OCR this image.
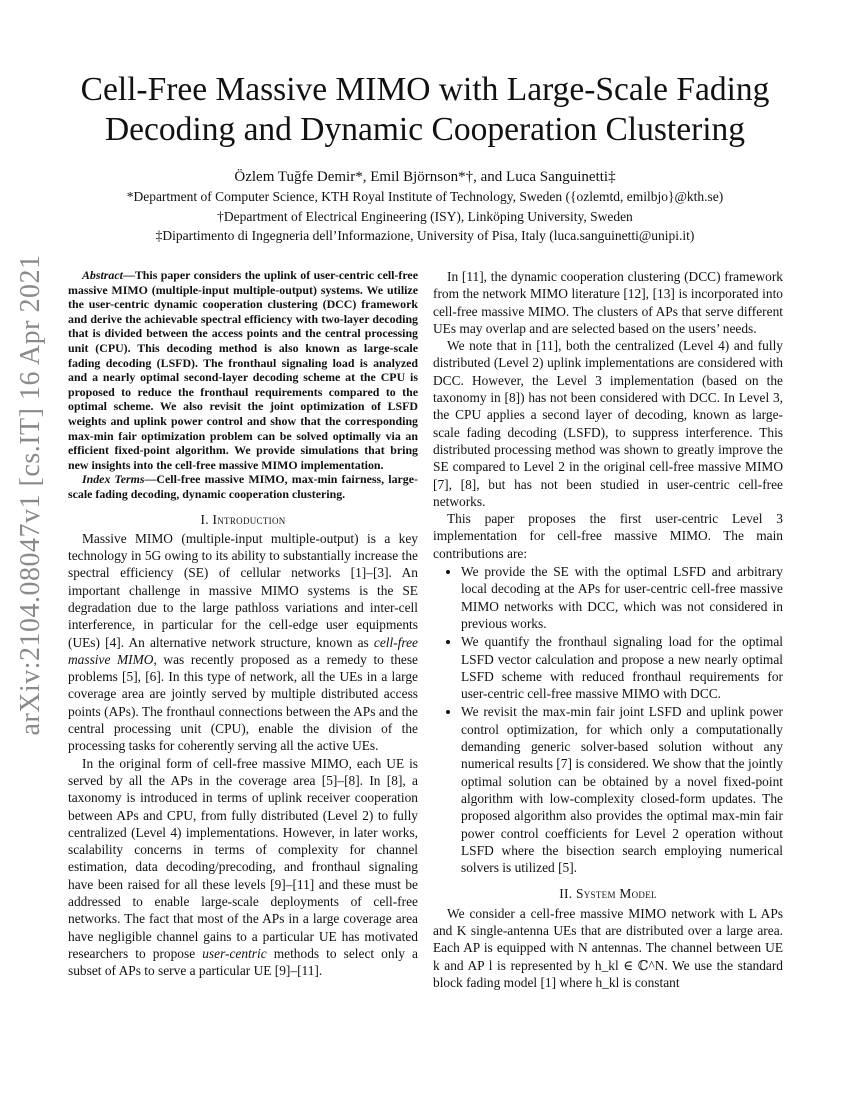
arXiv:2104.08047v1 [cs.IT] 16 Apr 2021
Cell-Free Massive MIMO with Large-Scale Fading
Decoding and Dynamic Cooperation Clustering
Özlem Tuğfe Demir*, Emil Björnson*†, and Luca Sanguinetti‡
*Department of Computer Science, KTH Royal Institute of Technology, Sweden ({ozlemtd, emilbjo}@kth.se)
†Department of Electrical Engineering (ISY), Linköping University, Sweden
‡Dipartimento di Ingegneria dell’Informazione, University of Pisa, Italy (luca.sanguinetti@unipi.it)

Abstract—This paper considers the uplink of user-centric cell-free massive MIMO (multiple-input multiple-output) systems. We utilize the user-centric dynamic cooperation clustering (DCC) framework and derive the achievable spectral efficiency with two-layer decoding that is divided between the access points and the central processing unit (CPU). This decoding method is also known as large-scale fading decoding (LSFD). The fronthaul signaling load is analyzed and a nearly optimal second-layer decoding scheme at the CPU is proposed to reduce the fronthaul requirements compared to the optimal scheme. We also revisit the joint optimization of LSFD weights and uplink power control and show that the corresponding max-min fair optimization problem can be solved optimally via an efficient fixed-point algorithm. We provide simulations that bring new insights into the cell-free massive MIMO implementation.

Index Terms—Cell-free massive MIMO, max-min fairness, large-scale fading decoding, dynamic cooperation clustering.

I. Introduction

Massive MIMO (multiple-input multiple-output) is a key technology in 5G owing to its ability to substantially increase the spectral efficiency (SE) of cellular networks [1]–[3]. An important challenge in massive MIMO systems is the SE degradation due to the large pathloss variations and inter-cell interference, in particular for the cell-edge user equipments (UEs) [4]. An alternative network structure, known as cell-free massive MIMO, was recently proposed as a remedy to these problems [5], [6]. In this type of network, all the UEs in a large coverage area are jointly served by multiple distributed access points (APs). The fronthaul connections between the APs and the central processing unit (CPU), enable the division of the processing tasks for coherently serving all the active UEs.

In the original form of cell-free massive MIMO, each UE is served by all the APs in the coverage area [5]–[8]. In [8], a taxonomy is introduced in terms of uplink receiver cooperation between APs and CPU, from fully distributed (Level 2) to fully centralized (Level 4) implementations. However, in later works, scalability concerns in terms of complexity for channel estimation, data decoding/precoding, and fronthaul signaling have been raised for all these levels [9]–[11] and these must be addressed to enable large-scale deployments of cell-free networks. The fact that most of the APs in a large coverage area have negligible channel gains to a particular UE has motivated researchers to propose user-centric methods to select only a subset of APs to serve a particular UE [9]–[11].

In [11], the dynamic cooperation clustering (DCC) framework from the network MIMO literature [12], [13] is incorporated into cell-free massive MIMO. The clusters of APs that serve different UEs may overlap and are selected based on the users’ needs.

We note that in [11], both the centralized (Level 4) and fully distributed (Level 2) uplink implementations are considered with DCC. However, the Level 3 implementation (based on the taxonomy in [8]) has not been considered with DCC. In Level 3, the CPU applies a second layer of decoding, known as large-scale fading decoding (LSFD), to suppress interference. This distributed processing method was shown to greatly improve the SE compared to Level 2 in the original cell-free massive MIMO [7], [8], but has not been studied in user-centric cell-free networks.

This paper proposes the first user-centric Level 3 implementation for cell-free massive MIMO. The main contributions are:

• We provide the SE with the optimal LSFD and arbitrary local decoding at the APs for user-centric cell-free massive MIMO networks with DCC, which was not considered in previous works.
• We quantify the fronthaul signaling load for the optimal LSFD vector calculation and propose a new nearly optimal LSFD scheme with reduced fronthaul requirements for user-centric cell-free massive MIMO with DCC.
• We revisit the max-min fair joint LSFD and uplink power control optimization, for which only a computationally demanding generic solver-based solution without any numerical results [7] is considered. We show that the jointly optimal solution can be obtained by a novel fixed-point algorithm with low-complexity closed-form updates. The proposed algorithm also provides the optimal max-min fair power control coefficients for Level 2 operation without LSFD where the bisection search employing numerical solvers is utilized [5].
II. System Model

We consider a cell-free massive MIMO network with L APs and K single-antenna UEs that are distributed over a large area. Each AP is equipped with N antennas. The channel between UE k and AP l is represented by h_kl ∈ ℂ^N. We use the standard block fading model [1] where h_kl is constant
